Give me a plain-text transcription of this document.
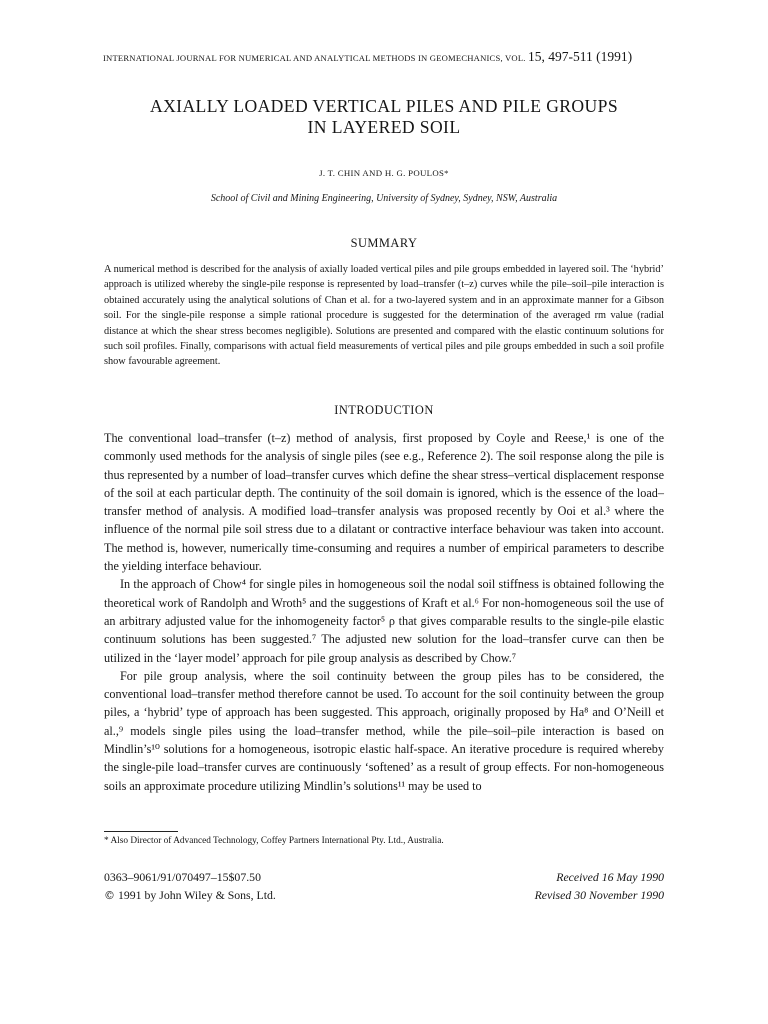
INTERNATIONAL JOURNAL FOR NUMERICAL AND ANALYTICAL METHODS IN GEOMECHANICS, VOL. 15, 497-511 (1991)
AXIALLY LOADED VERTICAL PILES AND PILE GROUPS
IN LAYERED SOIL
J. T. CHIN AND H. G. POULOS*
School of Civil and Mining Engineering, University of Sydney, Sydney, NSW, Australia
SUMMARY

A numerical method is described for the analysis of axially loaded vertical piles and pile groups embedded in layered soil. The ‘hybrid’ approach is utilized whereby the single-pile response is represented by load–transfer (t–z) curves while the pile–soil–pile interaction is obtained accurately using the analytical solutions of Chan et al. for a two-layered system and in an approximate manner for a Gibson soil. For the single-pile response a simple rational procedure is suggested for the determination of the averaged rm value (radial distance at which the shear stress becomes negligible). Solutions are presented and compared with the elastic continuum solutions for such soil profiles. Finally, comparisons with actual field measurements of vertical piles and pile groups embedded in such a soil profile show favourable agreement.

INTRODUCTION

The conventional load–transfer (t–z) method of analysis, first proposed by Coyle and Reese,¹ is one of the commonly used methods for the analysis of single piles (see e.g., Reference 2). The soil response along the pile is thus represented by a number of load–transfer curves which define the shear stress–vertical displacement response of the soil at each particular depth. The continuity of the soil domain is ignored, which is the essence of the load–transfer method of analysis. A modified load–transfer analysis was proposed recently by Ooi et al.³ where the influence of the normal pile soil stress due to a dilatant or contractive interface behaviour was taken into account. The method is, however, numerically time-consuming and requires a number of empirical parameters to describe the yielding interface behaviour.

In the approach of Chow⁴ for single piles in homogeneous soil the nodal soil stiffness is obtained following the theoretical work of Randolph and Wroth⁵ and the suggestions of Kraft et al.⁶ For non-homogeneous soil the use of an arbitrary adjusted value for the inhomogeneity factor⁵ ρ that gives comparable results to the single-pile elastic continuum solutions has been suggested.⁷ The adjusted new solution for the load–transfer curve can then be utilized in the ‘layer model’ approach for pile group analysis as described by Chow.⁷

For pile group analysis, where the soil continuity between the group piles has to be considered, the conventional load–transfer method therefore cannot be used. To account for the soil continuity between the group piles, a ‘hybrid’ type of approach has been suggested. This approach, originally proposed by Ha⁸ and O’Neill et al.,⁹ models single piles using the load–transfer method, while the pile–soil–pile interaction is based on Mindlin’s¹⁰ solutions for a homogeneous, isotropic elastic half-space. An iterative procedure is required whereby the single-pile load–transfer curves are continuously ‘softened’ as a result of group effects. For non-homogeneous soils an approximate procedure utilizing Mindlin’s solutions¹¹ may be used to

* Also Director of Advanced Technology, Coffey Partners International Pty. Ltd., Australia.
0363–9061/91/070497–15$07.50
© 1991 by John Wiley & Sons, Ltd.
Received 16 May 1990
Revised 30 November 1990
